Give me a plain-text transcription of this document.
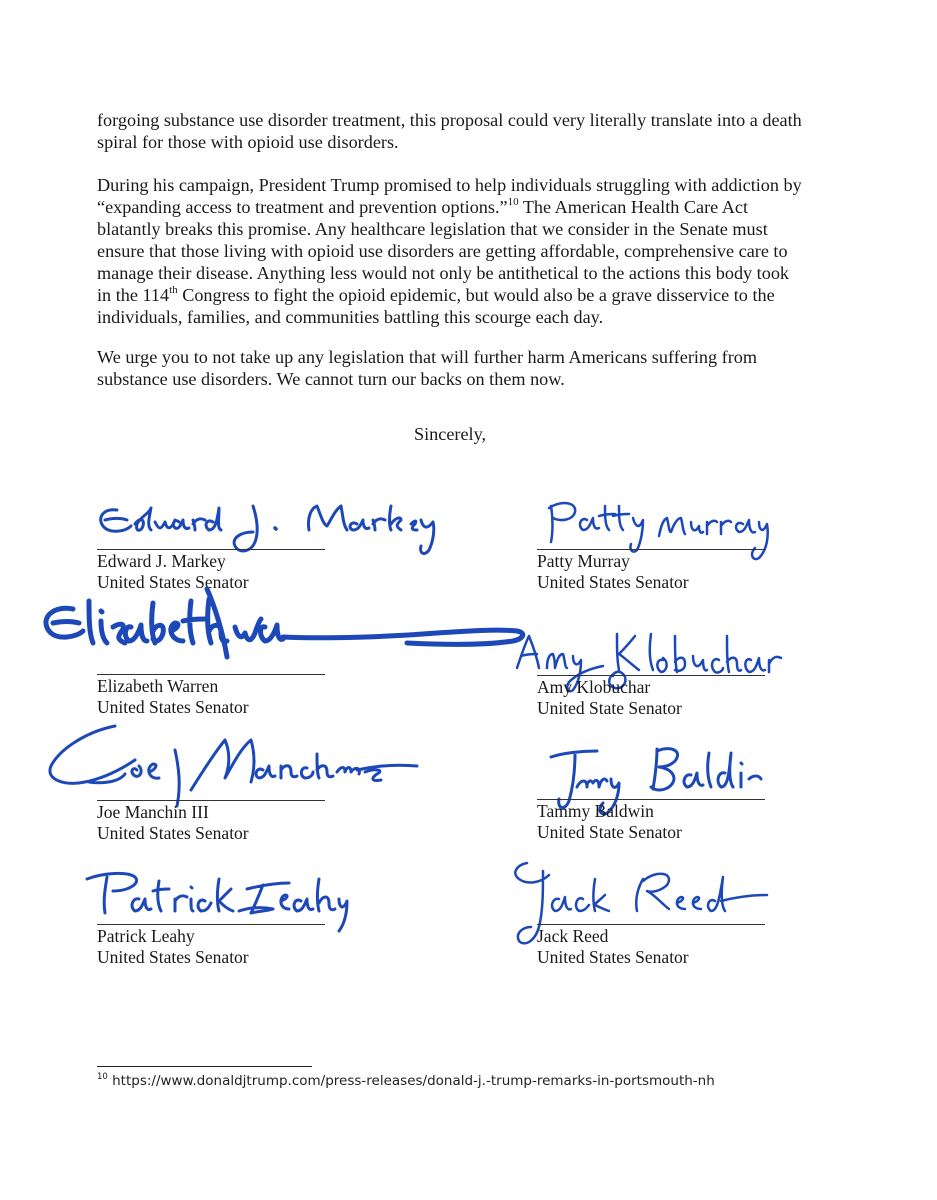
forgoing substance use disorder treatment, this proposal could very literally translate into a death
spiral for those with opioid use disorders.

During his campaign, President Trump promised to help individuals struggling with addiction by
“expanding access to treatment and prevention options.”$^{10}$ The American Health Care Act
blatantly breaks this promise. Any healthcare legislation that we consider in the Senate must
ensure that those living with opioid use disorders are getting affordable, comprehensive care to
manage their disease. Anything less would not only be antithetical to the actions this body took
in the 114th Congress to fight the opioid epidemic, but would also be a grave disservice to the
individuals, families, and communities battling this scourge each day.

We urge you to not take up any legislation that will further harm Americans suffering from
substance use disorders. We cannot turn our backs on them now.

Sincerely,

Edward J. Markey
United States Senator
Patty Murray
United States Senator
Elizabeth Warren
United States Senator
Amy Klobuchar
United State Senator
Joe Manchin III
United States Senator
Tammy Baldwin
United State Senator
Patrick Leahy
United States Senator
Jack Reed
United States Senator
$^{10}$ https://www.donaldjtrump.com/press-releases/donald-j.-trump-remarks-in-portsmouth-nh
